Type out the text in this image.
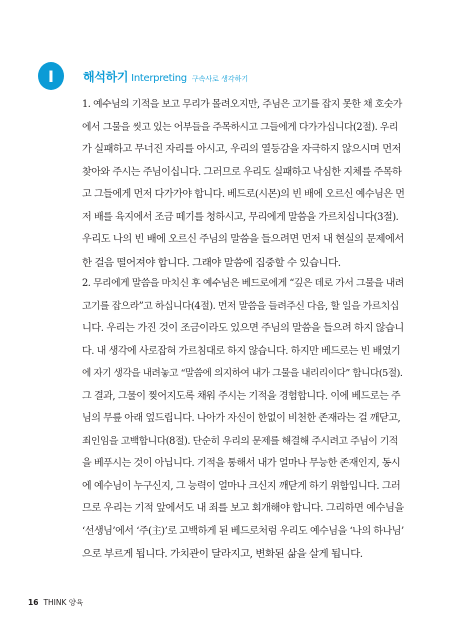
I	해석하기 Interpreting 구속사로 생각하기
1. 예수님의 기적을 보고 무리가 몰려오지만, 주님은 고기를 잡지 못한 채 호숫가
에서 그물을 씻고 있는 어부들을 주목하시고 그들에게 다가가십니다(2절). 우리
가 실패하고 무너진 자리를 아시고, 우리의 열등감을 자극하지 않으시며 먼저
찾아와 주시는 주님이십니다. 그러므로 우리도 실패하고 낙심한 지체를 주목하
고 그들에게 먼저 다가가야 합니다. 베드로(시몬)의 빈 배에 오르신 예수님은 먼
저 배를 육지에서 조금 떼기를 청하시고, 무리에게 말씀을 가르치십니다(3절).
우리도 나의 빈 배에 오르신 주님의 말씀을 들으려면 먼저 내 현실의 문제에서
한 걸음 떨어져야 합니다. 그래야 말씀에 집중할 수 있습니다.
2. 무리에게 말씀을 마치신 후 예수님은 베드로에게 “깊은 데로 가서 그물을 내려
고기를 잡으라”고 하십니다(4절). 먼저 말씀을 들려주신 다음, 할 일을 가르치십
니다. 우리는 가진 것이 조금이라도 있으면 주님의 말씀을 들으려 하지 않습니
다. 내 생각에 사로잡혀 가르침대로 하지 않습니다. 하지만 베드로는 빈 배였기
에 자기 생각을 내려놓고 “말씀에 의지하여 내가 그물을 내리리이다” 합니다(5절).
그 결과, 그물이 찢어지도록 채워 주시는 기적을 경험합니다. 이에 베드로는 주
님의 무릎 아래 엎드립니다. 나아가 자신이 한없이 비천한 존재라는 걸 깨닫고,
죄인임을 고백합니다(8절). 단순히 우리의 문제를 해결해 주시려고 주님이 기적
을 베푸시는 것이 아닙니다. 기적을 통해서 내가 얼마나 무능한 존재인지, 동시
에 예수님이 누구신지, 그 능력이 얼마나 크신지 깨닫게 하기 위함입니다. 그러
므로 우리는 기적 앞에서도 내 죄를 보고 회개해야 합니다. 그리하면 예수님을
‘선생님’에서 ‘주(主)’로 고백하게 된 베드로처럼 우리도 예수님을 ‘나의 하나님’
으로 부르게 됩니다. 가치관이 달라지고, 변화된 삶을 살게 됩니다.
16 THINK 양육
